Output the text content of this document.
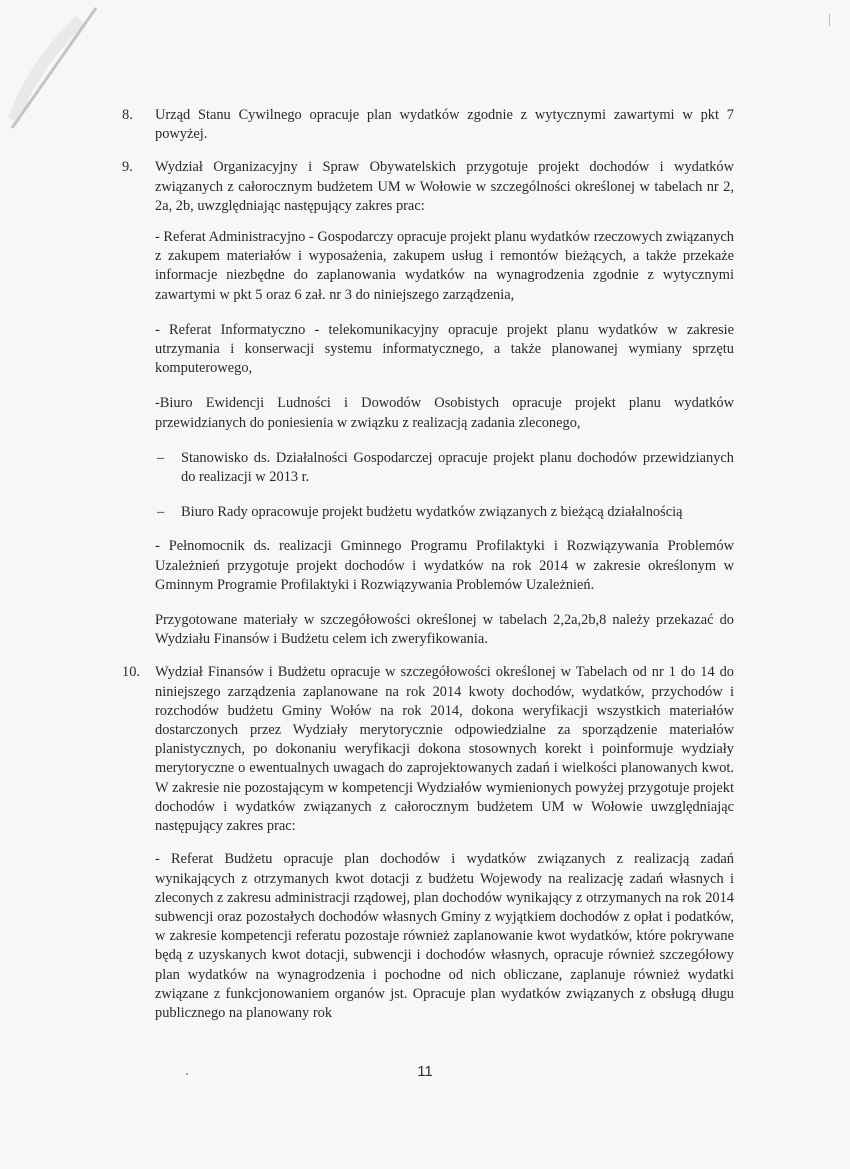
8.	Urząd Stanu Cywilnego opracuje plan wydatków zgodnie z wytycznymi zawartymi w pkt 7 powyżej.

9.	Wydział Organizacyjny i Spraw Obywatelskich przygotuje projekt dochodów i wydatków związanych z całorocznym budżetem UM w Wołowie w szczególności określonej w tabelach nr 2, 2a, 2b, uwzględniając następujący zakres prac:

- Referat Administracyjno - Gospodarczy opracuje projekt planu wydatków rzeczowych związanych z zakupem materiałów i wyposażenia, zakupem usług i remontów bieżących, a także przekaże informacje niezbędne do zaplanowania wydatków na wynagrodzenia zgodnie z wytycznymi zawartymi w pkt 5 oraz 6 zał. nr 3 do niniejszego zarządzenia,

- Referat Informatyczno - telekomunikacyjny opracuje projekt planu wydatków w zakresie utrzymania i konserwacji systemu informatycznego, a także planowanej wymiany sprzętu komputerowego,

-Biuro Ewidencji Ludności i Dowodów Osobistych opracuje projekt planu wydatków przewidzianych do poniesienia w związku z realizacją zadania zleconego,

–	Stanowisko ds. Działalności Gospodarczej opracuje projekt planu dochodów przewidzianych do realizacji w 2013 r.

–	Biuro Rady opracowuje projekt budżetu wydatków związanych z bieżącą działalnością

- Pełnomocnik ds. realizacji Gminnego Programu Profilaktyki i Rozwiązywania Problemów Uzależnień przygotuje projekt dochodów i wydatków na rok 2014 w zakresie określonym w Gminnym Programie Profilaktyki i Rozwiązywania Problemów Uzależnień.

Przygotowane materiały w szczegółowości określonej w tabelach 2,2a,2b,8 należy przekazać do Wydziału Finansów i Budżetu celem ich zweryfikowania.

10.	Wydział Finansów i Budżetu opracuje w szczegółowości określonej w Tabelach od nr 1 do 14 do niniejszego zarządzenia zaplanowane na rok 2014 kwoty dochodów, wydatków, przychodów i rozchodów budżetu Gminy Wołów na rok 2014, dokona weryfikacji wszystkich materiałów dostarczonych przez Wydziały merytorycznie odpowiedzialne za sporządzenie materiałów planistycznych, po dokonaniu weryfikacji dokona stosownych korekt i poinformuje wydziały merytoryczne o ewentualnych uwagach do zaprojektowanych zadań i wielkości planowanych kwot. W zakresie nie pozostającym w kompetencji Wydziałów wymienionych powyżej przygotuje projekt dochodów i wydatków związanych z całorocznym budżetem UM w Wołowie uwzględniając następujący zakres prac:

- Referat Budżetu opracuje plan dochodów i wydatków związanych z realizacją zadań wynikających z otrzymanych kwot dotacji z budżetu Wojewody na realizację zadań własnych i zleconych z zakresu administracji rządowej, plan dochodów wynikający z otrzymanych na rok 2014 subwencji oraz pozostałych dochodów własnych Gminy z wyjątkiem dochodów z opłat i podatków, w zakresie kompetencji referatu pozostaje również zaplanowanie kwot wydatków, które pokrywane będą z uzyskanych kwot dotacji, subwencji i dochodów własnych, opracuje również szczegółowy plan wydatków na wynagrodzenia i pochodne od nich obliczane, zaplanuje również wydatki związane z funkcjonowaniem organów jst. Opracuje plan wydatków związanych z obsługą długu publicznego na planowany rok

11
